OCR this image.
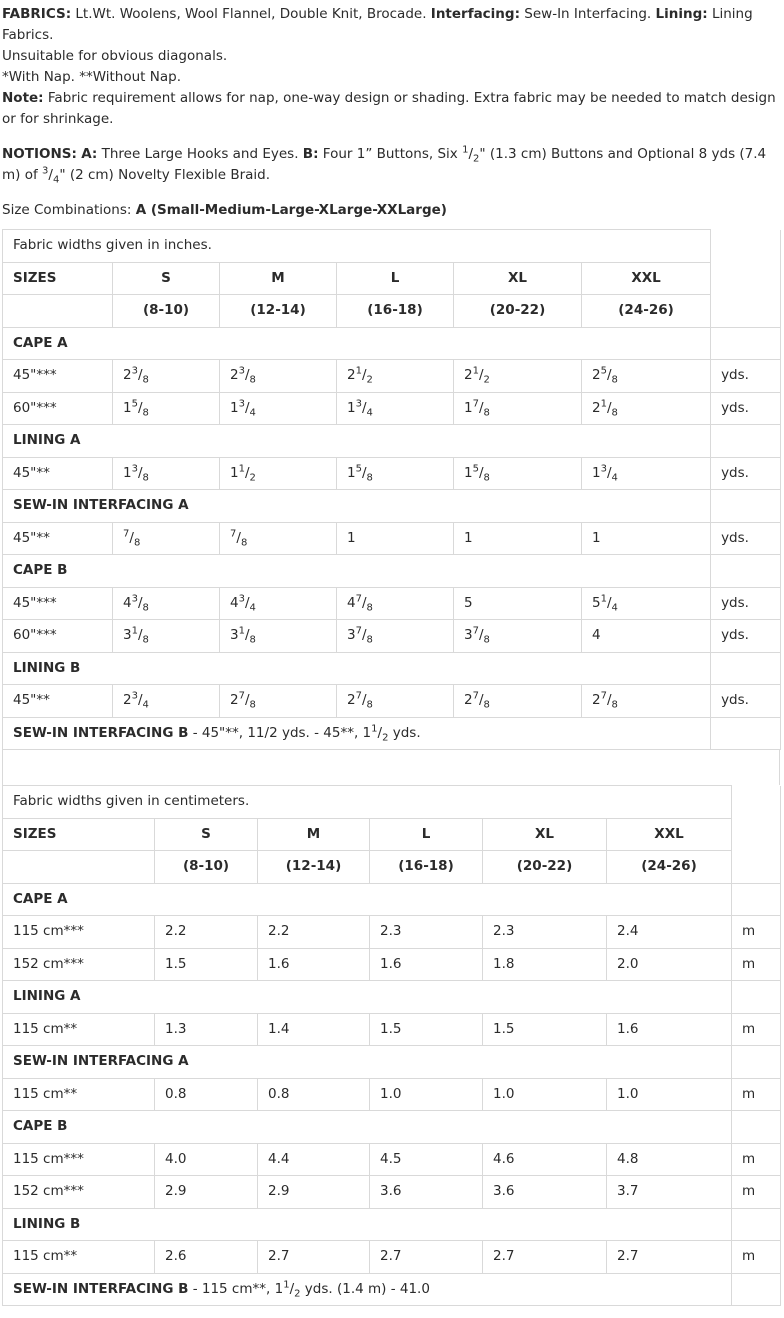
FABRICS: Lt.Wt. Woolens, Wool Flannel, Double Knit, Brocade. Interfacing: Sew-In Interfacing. Lining: Lining Fabrics.

Unsuitable for obvious diagonals.

*With Nap. **Without Nap.

Note: Fabric requirement allows for nap, one-way design or shading. Extra fabric may be needed to match design or for shrinkage.

NOTIONS: A: Three Large Hooks and Eyes. B: Four 1” Buttons, Six $^1/_2$" (1.3 cm) Buttons and Optional 8 yds (7.4 m) of $^3/_4$" (2 cm) Novelty Flexible Braid.

Size Combinations: A (Small-Medium-Large-XLarge-XXLarge)

Fabric widths given in inches.						
SIZES	S	M	L	XL	XXL	
	(8-10)	(12-14)	(16-18)	(20-22)	(24-26)	
CAPE A						
45"***	$2^3/_8$	$2^3/_8$	$2^1/_2$	$2^1/_2$	$2^5/_8$	yds.
60"***	$1^5/_8$	$1^3/_4$	$1^3/_4$	$1^7/_8$	$2^1/_8$	yds.
LINING A						
45"**	$1^3/_8$	$1^1/_2$	$1^5/_8$	$1^5/_8$	$1^3/_4$	yds.
SEW-IN INTERFACING A						
45"**	$^7/_8$	$^7/_8$	1	1	1	yds.
CAPE B						
45"***	$4^3/_8$	$4^3/_4$	$4^7/_8$	5	$5^1/_4$	yds.
60"***	$3^1/_8$	$3^1/_8$	$3^7/_8$	$3^7/_8$	4	yds.
LINING B						
45"**	$2^3/_4$	$2^7/_8$	$2^7/_8$	$2^7/_8$	$2^7/_8$	yds.
SEW-IN INTERFACING B - 45"**, 11/2 yds. - 45**, $1^1/_2$ yds.						
Fabric widths given in centimeters.						
SIZES	S	M	L	XL	XXL	
	(8-10)	(12-14)	(16-18)	(20-22)	(24-26)	
CAPE A						
115 cm***	2.2	2.2	2.3	2.3	2.4	m
152 cm***	1.5	1.6	1.6	1.8	2.0	m
LINING A						
115 cm**	1.3	1.4	1.5	1.5	1.6	m
SEW-IN INTERFACING A						
115 cm**	0.8	0.8	1.0	1.0	1.0	m
CAPE B						
115 cm***	4.0	4.4	4.5	4.6	4.8	m
152 cm***	2.9	2.9	3.6	3.6	3.7	m
LINING B						
115 cm**	2.6	2.7	2.7	2.7	2.7	m
SEW-IN INTERFACING B - 115 cm**, $1^1/_2$ yds. (1.4 m) - 41.0						
